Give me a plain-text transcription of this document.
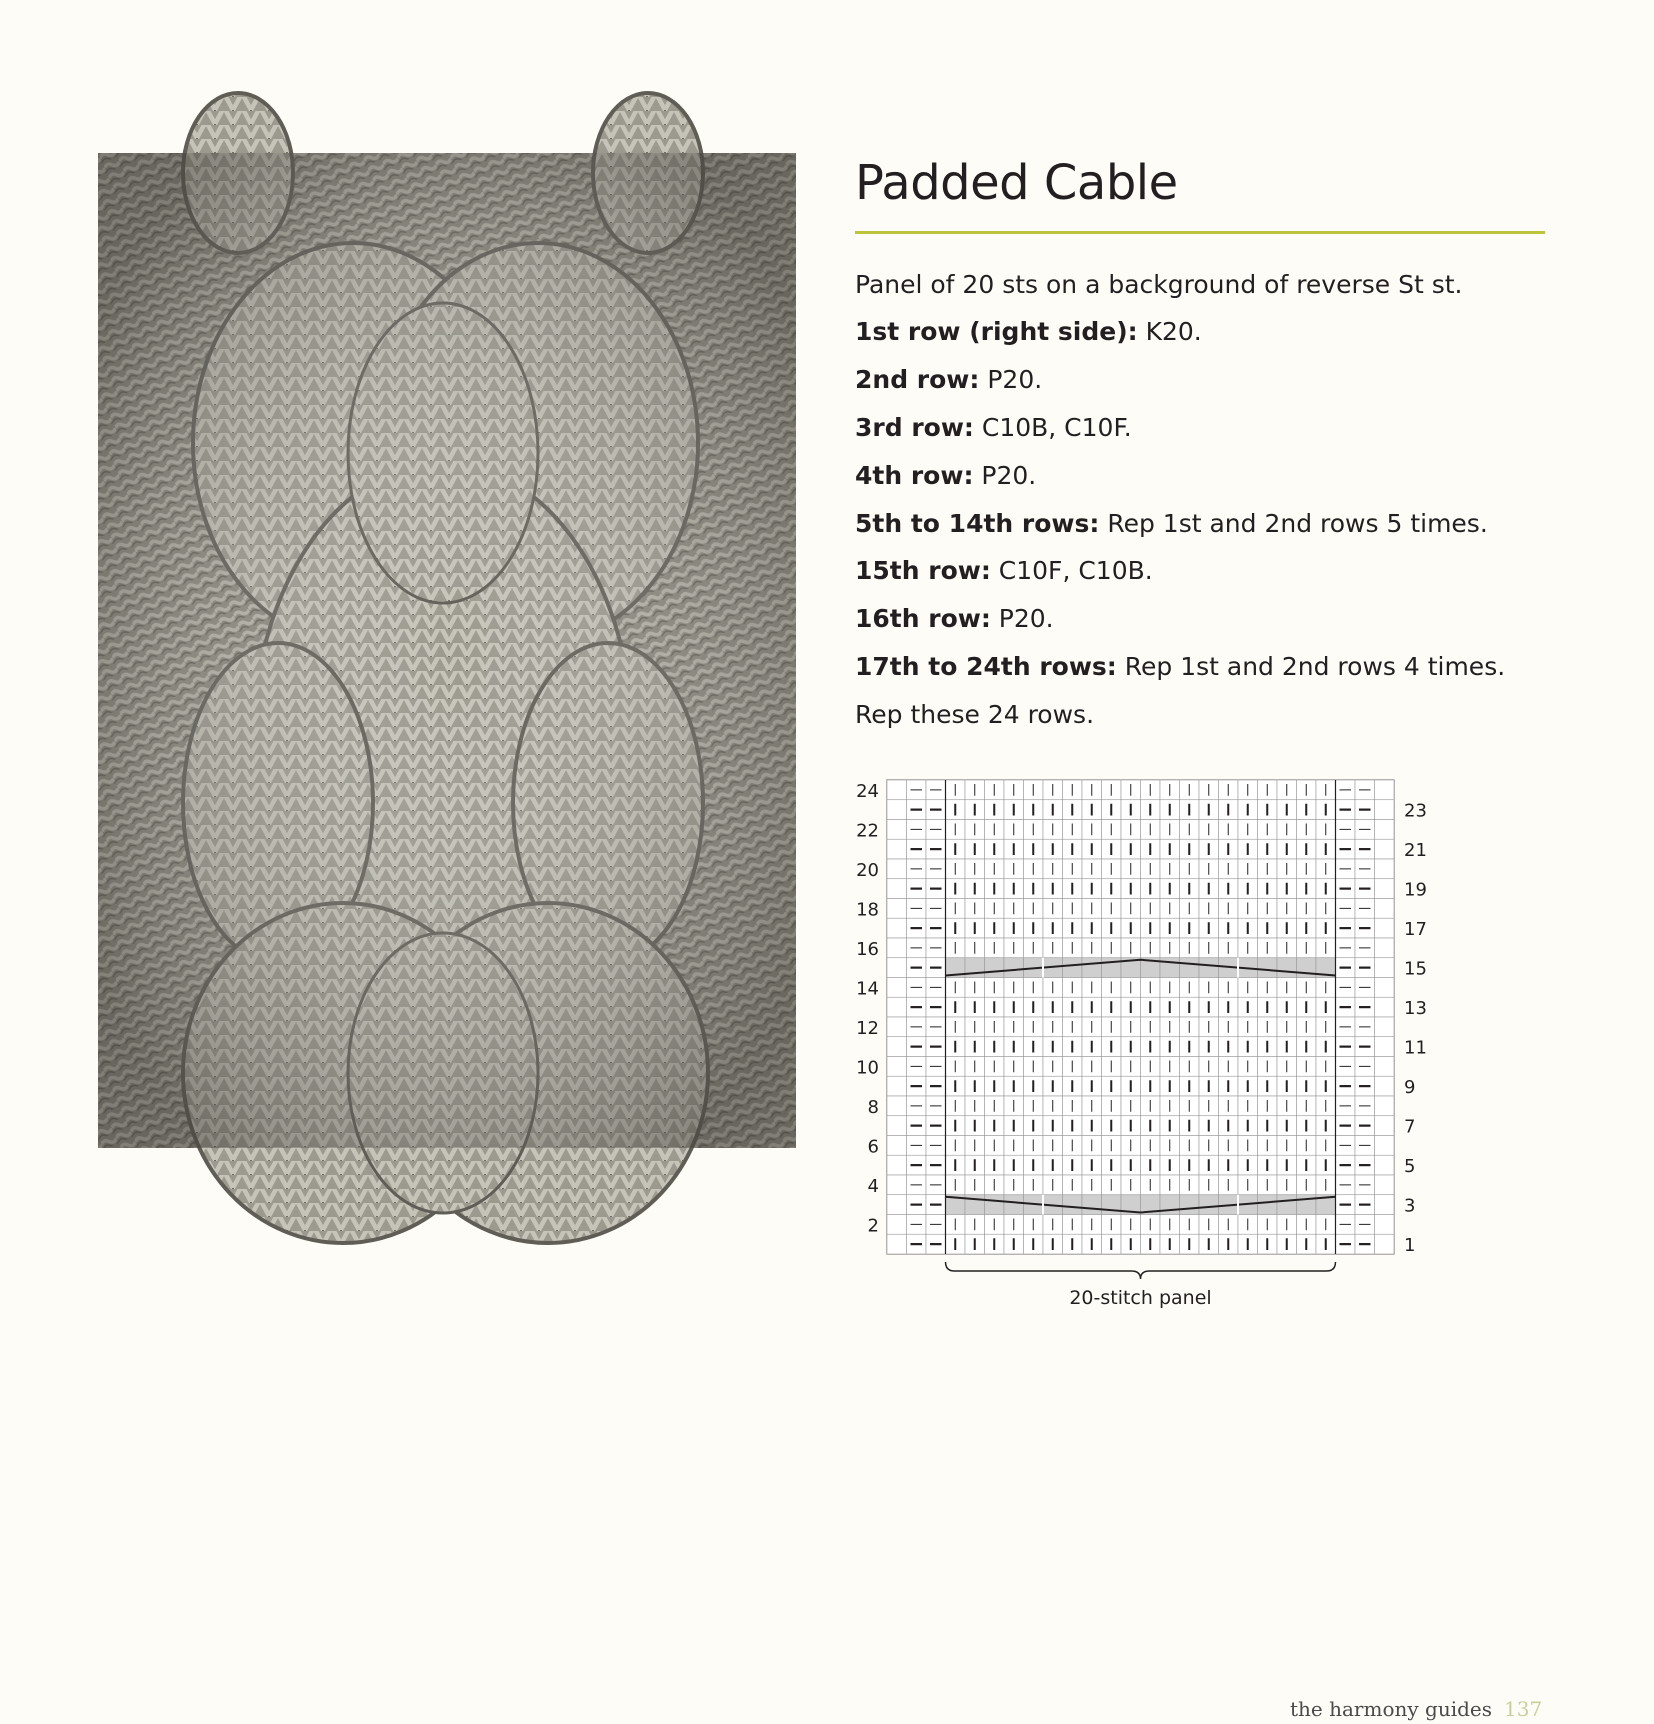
Padded Cable
Panel of 20 sts on a background of reverse St st.
1st row (right side): K20.
2nd row: P20.
3rd row: C10B, C10F.
4th row: P20.
5th to 14th rows: Rep 1st and 2nd rows 5 times.
15th row: C10F, C10B.
16th row: P20.
17th to 24th rows: Rep 1st and 2nd rows 4 times.
Rep these 24 rows.
24
22
20
18
16
14
12
10
8
6
4
2
23
21
19
17
15
13
11
9
7
5
3
1
20-stitch panel

the harmony guides 137
